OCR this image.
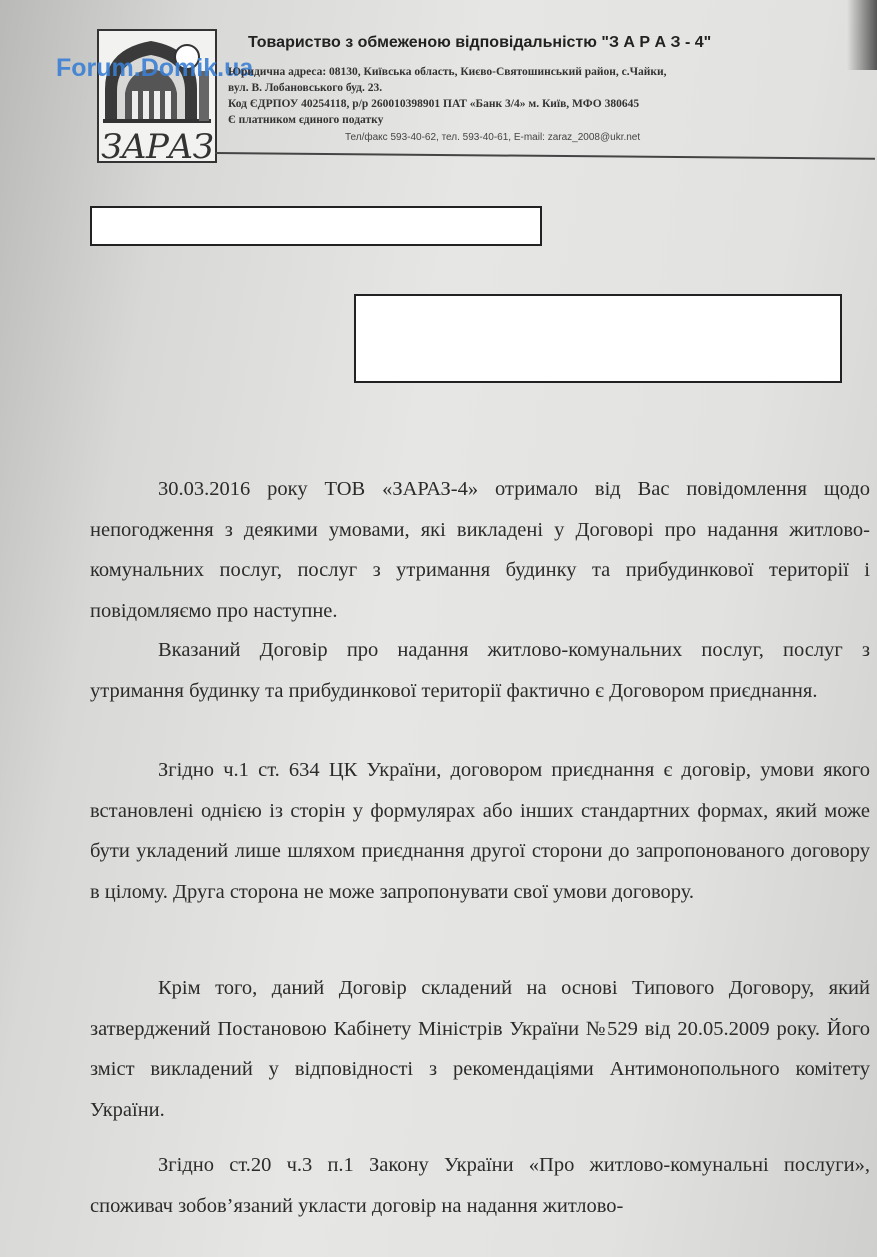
ЗАРАЗ
Forum.Domik.ua
Товариство з обмеженою відповідальністю "З А Р А З - 4"
Юридична адреса: 08130, Київська область, Києво-Святошинський район, с.Чайки,
вул. В. Лобановського буд. 23.
Код ЄДРПОУ 40254118, р/р 260010398901 ПАТ «Банк 3/4» м. Київ, МФО 380645
Є платником єдиного податку
Тел/факс 593-40-62, тел. 593-40-61, E-mail: zaraz_2008@ukr.net

30.03.2016 року ТОВ «ЗАРАЗ-4» отримало від Вас повідомлення щодо непогодження з деякими умовами, які викладені у Договорі про надання житлово-комунальних послуг, послуг з утримання будинку та прибудинкової території і повідомляємо про наступне.

Вказаний Договір про надання житлово-комунальних послуг, послуг з утримання будинку та прибудинкової території фактично є Договором приєднання.

Згідно ч.1 ст. 634 ЦК України, договором приєднання є договір, умови якого встановлені однією із сторін у формулярах або інших стандартних формах, який може бути укладений лише шляхом приєднання другої сторони до запропонованого договору в цілому. Друга сторона не може запропонувати свої умови договору.

Крім того, даний Договір складений на основі Типового Договору, який затверджений Постановою Кабінету Міністрів України №529 від 20.05.2009 року. Його зміст викладений у відповідності з рекомендаціями Антимонопольного комітету України.

Згідно ст.20 ч.3 п.1 Закону України «Про житлово-комунальні послуги», споживач зобов’язаний укласти договір на надання житлово-
